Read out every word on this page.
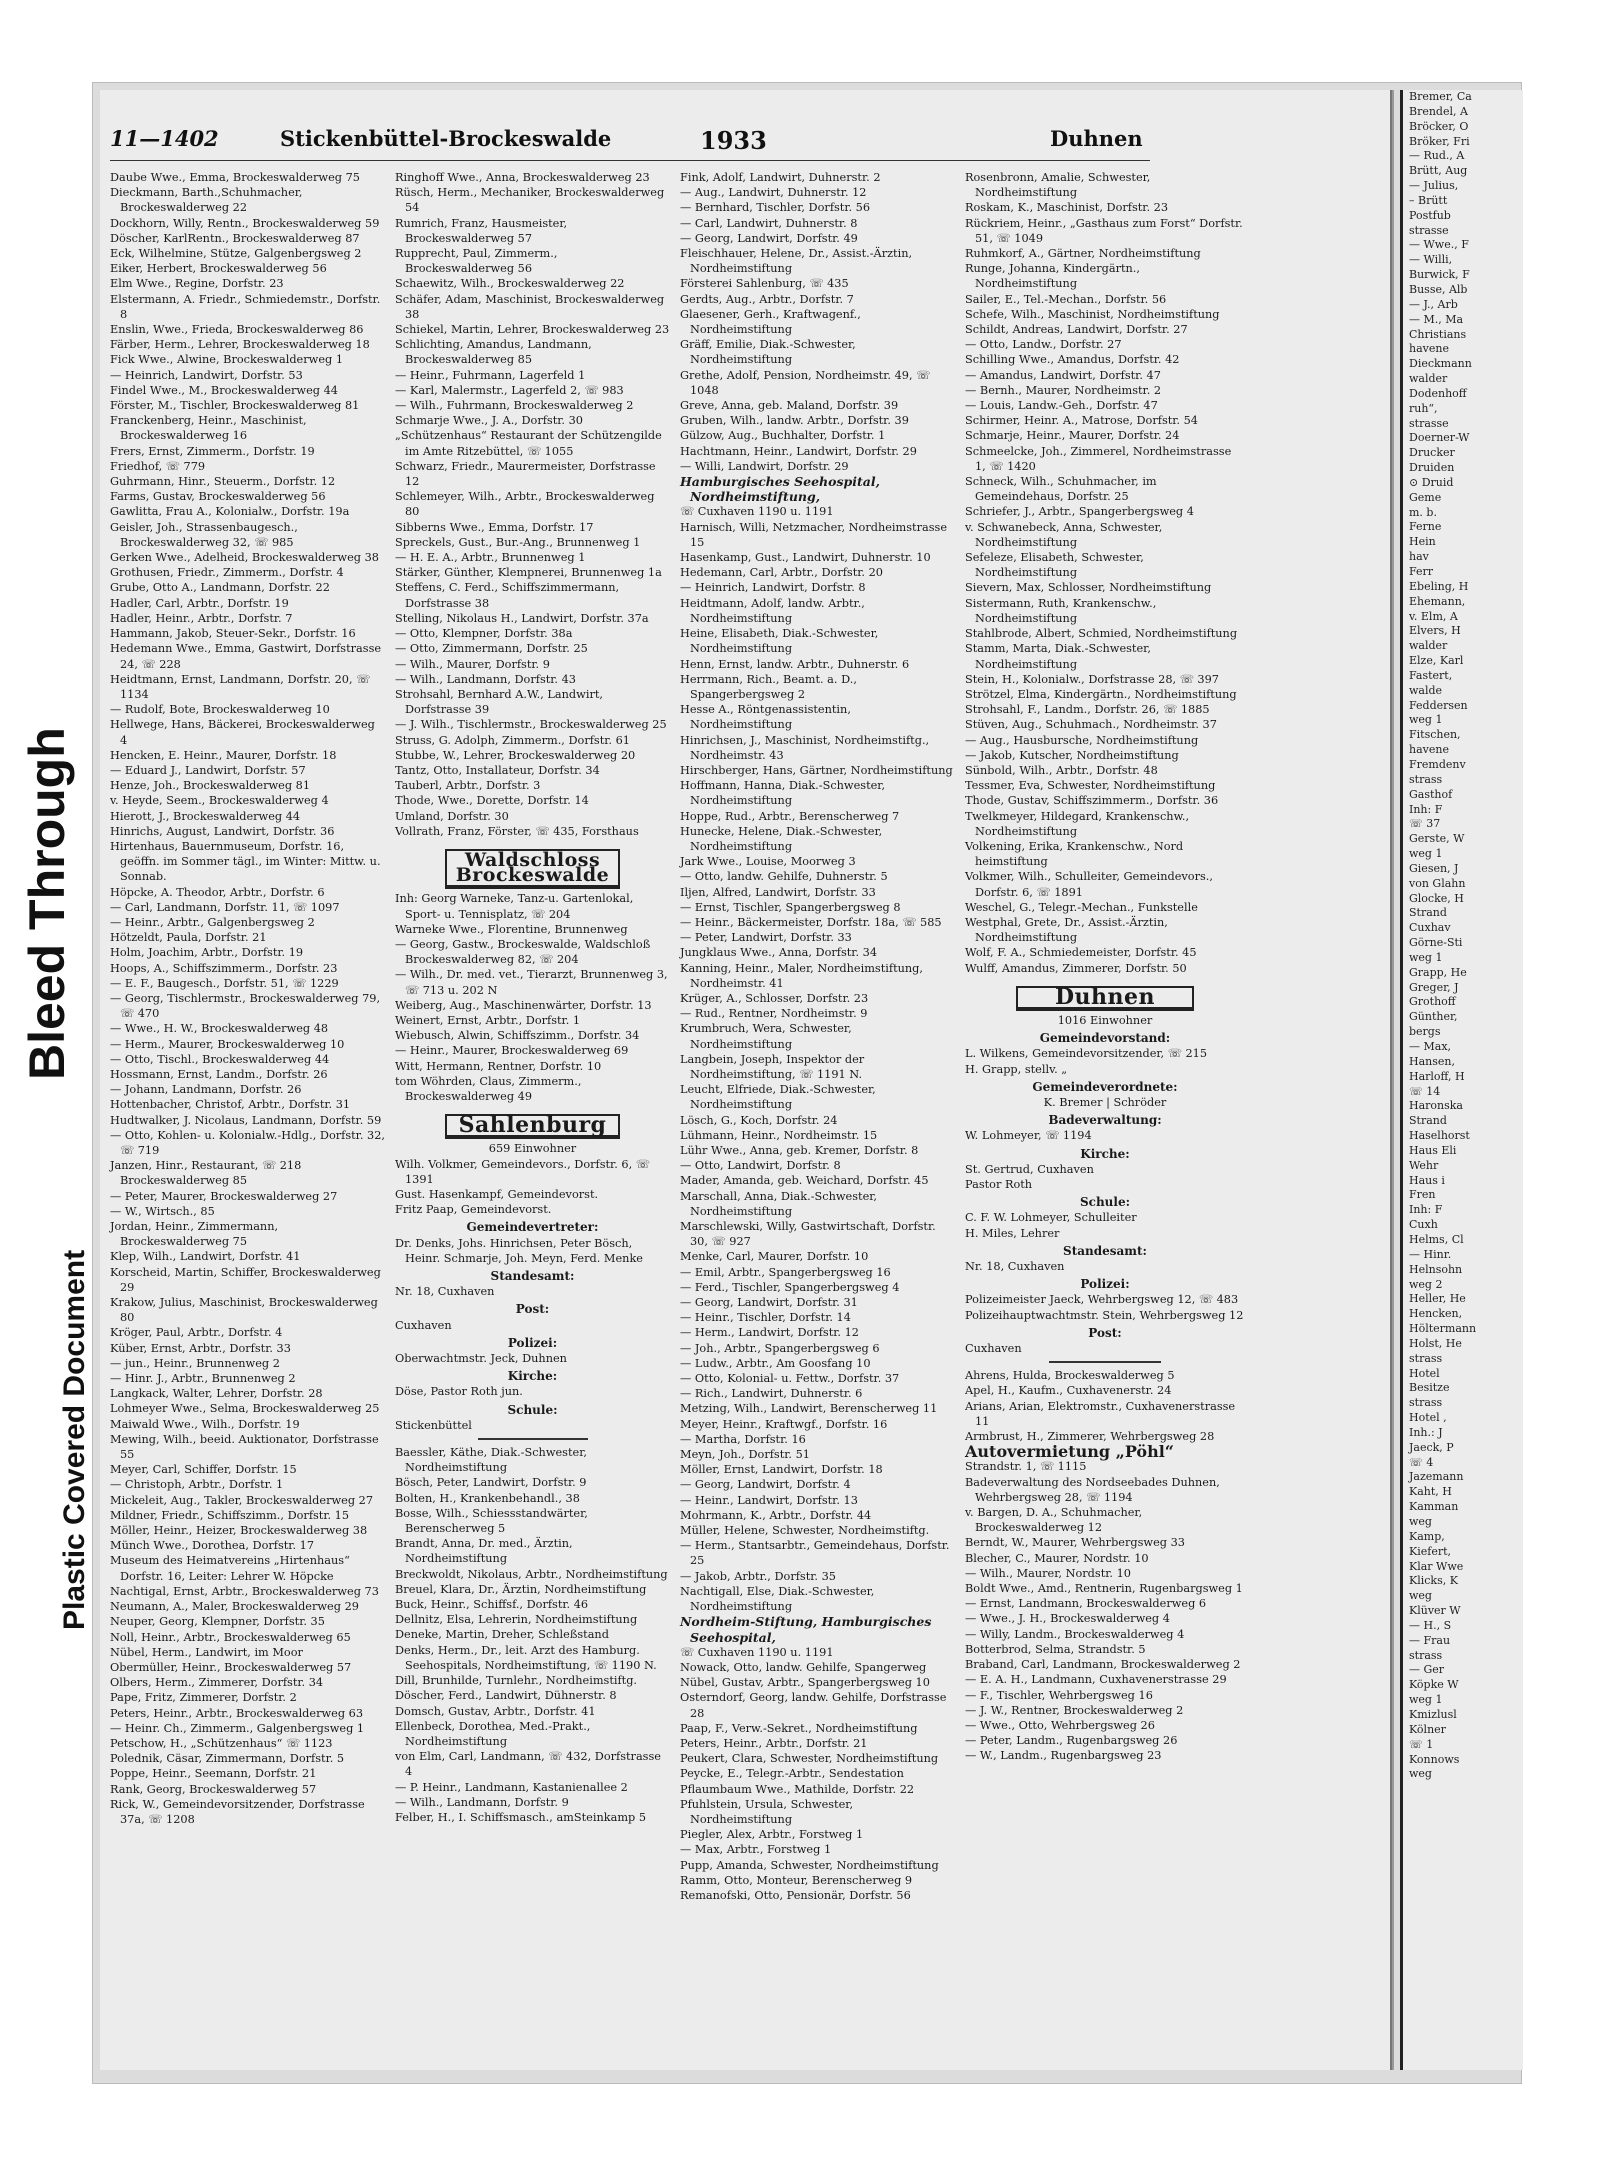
Bleed Through
Plastic Covered Document
Bremer, Ca
Brendel, A
Bröcker, O
Bröker, Fri
— Rud., A
Brütt, Aug
— Julius,
– Brütt
Postfub
strasse
— Wwe., F
— Willi,
Burwick, F
Busse, Alb
— J., Arb
— M., Ma
Christians
havene
Dieckmann
walder
Dodenhoff
ruh“,
strasse
Doerner-W
Drucker
Druiden
⊙ Druid
Geme
m. b.
Ferne
Hein
hav
Ferr
Ebeling, H
Ehemann,
v. Elm, A
Elvers, H
walder
Elze, Karl
Fastert,
walde
Feddersen
weg 1
Fitschen,
havene
Fremdenv
strass
Gasthof
Inh: F
☏ 37
Gerste, W
weg 1
Giesen, J
von Glahn
Glocke, H
Strand
Cuxhav
Görne-Sti
weg 1
Grapp, He
Greger, J
Grothoff
Günther,
bergs
— Max,
Hansen,
Harloff, H
☏ 14
Haronska
Strand
Haselhorst
Haus Eli
Wehr
Haus i
Fren
Inh: F
Cuxh
Helms, Cl
— Hinr.
Helnsohn
weg 2
Heller, He
Hencken,
Höltermann
Holst, He
strass
Hotel
Besitze
strass
Hotel ,
Inh.: J
Jaeck, P
☏ 4
Jazemann
Kaht, H
Kamman
weg
Kamp,
Kiefert,
Klar Wwe
Klicks, K
weg
Klüver W
— H., S
— Frau
strass
— Ger
Köpke W
weg 1
Kmizlusl
Kölner
☏ 1
Konnows
weg
11—1402	Stickenbüttel-Brockeswalde	1933	Duhnen
Daube Wwe., Emma, Brockeswalderweg 75
Dieckmann, Barth.,Schuhmacher, Brockeswalderweg 22
Dockhorn, Willy, Rentn., Brockeswalderweg 59
Döscher, KarlRentn., Brockeswalderweg 87
Eck, Wilhelmine, Stütze, Galgenbergsweg 2
Eiker, Herbert, Brockeswalderweg 56
Elm Wwe., Regine, Dorfstr. 23
Elstermann, A. Friedr., Schmiedemstr., Dorfstr. 8
Enslin, Wwe., Frieda, Brockeswalderweg 86
Färber, Herm., Lehrer, Brockeswalderweg 18
Fick Wwe., Alwine, Brockeswalderweg 1
— Heinrich, Landwirt, Dorfstr. 53
Findel Wwe., M., Brockeswalderweg 44
Förster, M., Tischler, Brockeswalderweg 81
Franckenberg, Heinr., Maschinist, Brockeswalderweg 16
Frers, Ernst, Zimmerm., Dorfstr. 19
Friedhof, ☏ 779
Guhrmann, Hinr., Steuerm., Dorfstr. 12
Farms, Gustav, Brockeswalderweg 56
Gawlitta, Frau A., Kolonialw., Dorfstr. 19a
Geisler, Joh., Strassenbaugesch., Brockeswalderweg 32, ☏ 985
Gerken Wwe., Adelheid, Brockeswalderweg 38
Grothusen, Friedr., Zimmerm., Dorfstr. 4
Grube, Otto A., Landmann, Dorfstr. 22
Hadler, Carl, Arbtr., Dorfstr. 19
Hadler, Heinr., Arbtr., Dorfstr. 7
Hammann, Jakob, Steuer-Sekr., Dorfstr. 16
Hedemann Wwe., Emma, Gastwirt, Dorfstrasse 24, ☏ 228
Heidtmann, Ernst, Landmann, Dorfstr. 20, ☏ 1134
— Rudolf, Bote, Brockeswalderweg 10
Hellwege, Hans, Bäckerei, Brockeswalderweg 4
Hencken, E. Heinr., Maurer, Dorfstr. 18
— Eduard J., Landwirt, Dorfstr. 57
Henze, Joh., Brockeswalderweg 81
v. Heyde, Seem., Brockeswalderweg 4
Hierott, J., Brockeswalderweg 44
Hinrichs, August, Landwirt, Dorfstr. 36
Hirtenhaus, Bauernmuseum, Dorfstr. 16, geöffn. im Sommer tägl., im Winter: Mittw. u. Sonnab.
Höpcke, A. Theodor, Arbtr., Dorfstr. 6
— Carl, Landmann, Dorfstr. 11, ☏ 1097
— Heinr., Arbtr., Galgenbergsweg 2
Hötzeldt, Paula, Dorfstr. 21
Holm, Joachim, Arbtr., Dorfstr. 19
Hoops, A., Schiffszimmerm., Dorfstr. 23
— E. F., Baugesch., Dorfstr. 51, ☏ 1229
— Georg, Tischlermstr., Brockeswalderweg 79, ☏ 470
— Wwe., H. W., Brockeswalderweg 48
— Herm., Maurer, Brockeswalderweg 10
— Otto, Tischl., Brockeswalderweg 44
Hossmann, Ernst, Landm., Dorfstr. 26
— Johann, Landmann, Dorfstr. 26
Hottenbacher, Christof, Arbtr., Dorfstr. 31
Hudtwalker, J. Nicolaus, Landmann, Dorfstr. 59
— Otto, Kohlen- u. Kolonialw.-Hdlg., Dorfstr. 32, ☏ 719
Janzen, Hinr., Restaurant, ☏ 218 Brockeswalderweg 85
— Peter, Maurer, Brockeswalderweg 27
— W., Wirtsch., 85
Jordan, Heinr., Zimmermann, Brockeswalderweg 75
Klep, Wilh., Landwirt, Dorfstr. 41
Korscheid, Martin, Schiffer, Brockeswalderweg 29
Krakow, Julius, Maschinist, Brockeswalderweg 80
Kröger, Paul, Arbtr., Dorfstr. 4
Küber, Ernst, Arbtr., Dorfstr. 33
— jun., Heinr., Brunnenweg 2
— Hinr. J., Arbtr., Brunnenweg 2
Langkack, Walter, Lehrer, Dorfstr. 28
Lohmeyer Wwe., Selma, Brockeswalderweg 25
Maiwald Wwe., Wilh., Dorfstr. 19
Mewing, Wilh., beeid. Auktionator, Dorfstrasse 55
Meyer, Carl, Schiffer, Dorfstr. 15
— Christoph, Arbtr., Dorfstr. 1
Mickeleit, Aug., Takler, Brockeswalderweg 27
Mildner, Friedr., Schiffszimm., Dorfstr. 15
Möller, Heinr., Heizer, Brockeswalderweg 38
Münch Wwe., Dorothea, Dorfstr. 17
Museum des Heimatvereins „Hirtenhaus“ Dorfstr. 16, Leiter: Lehrer W. Höpcke
Nachtigal, Ernst, Arbtr., Brockeswalderweg 73
Neumann, A., Maler, Brockeswalderweg 29
Neuper, Georg, Klempner, Dorfstr. 35
Noll, Heinr., Arbtr., Brockeswalderweg 65
Nübel, Herm., Landwirt, im Moor
Obermüller, Heinr., Brockeswalderweg 57
Olbers, Herm., Zimmerer, Dorfstr. 34
Pape, Fritz, Zimmerer, Dorfstr. 2
Peters, Heinr., Arbtr., Brockeswalderweg 63
— Heinr. Ch., Zimmerm., Galgenbergsweg 1
Petschow, H., „Schützenhaus“ ☏ 1123
Polednik, Cäsar, Zimmermann, Dorfstr. 5
Poppe, Heinr., Seemann, Dorfstr. 21
Rank, Georg, Brockeswalderweg 57
Rick, W., Gemeindevorsitzender, Dorfstrasse 37a, ☏ 1208
Ringhoff Wwe., Anna, Brockeswalderweg 23
Rüsch, Herm., Mechaniker, Brockeswalderweg 54
Rumrich, Franz, Hausmeister, Brockeswalderweg 57
Rupprecht, Paul, Zimmerm., Brockeswalderweg 56
Schaewitz, Wilh., Brockeswalderweg 22
Schäfer, Adam, Maschinist, Brockeswalderweg 38
Schiekel, Martin, Lehrer, Brockeswalderweg 23
Schlichting, Amandus, Landmann, Brockeswalderweg 85
— Heinr., Fuhrmann, Lagerfeld 1
— Karl, Malermstr., Lagerfeld 2, ☏ 983
— Wilh., Fuhrmann, Brockeswalderweg 2
Schmarje Wwe., J. A., Dorfstr. 30
„Schützenhaus“ Restaurant der Schützengilde im Amte Ritzebüttel, ☏ 1055
Schwarz, Friedr., Maurermeister, Dorfstrasse 12
Schlemeyer, Wilh., Arbtr., Brockeswalderweg 80
Sibberns Wwe., Emma, Dorfstr. 17
Spreckels, Gust., Bur.-Ang., Brunnenweg 1
— H. E. A., Arbtr., Brunnenweg 1
Stärker, Günther, Klempnerei, Brunnenweg 1a
Steffens, C. Ferd., Schiffszimmermann, Dorfstrasse 38
Stelling, Nikolaus H., Landwirt, Dorfstr. 37a
— Otto, Klempner, Dorfstr. 38a
— Otto, Zimmermann, Dorfstr. 25
— Wilh., Maurer, Dorfstr. 9
— Wilh., Landmann, Dorfstr. 43
Strohsahl, Bernhard A.W., Landwirt, Dorfstrasse 39
— J. Wilh., Tischlermstr., Brockeswalderweg 25
Struss, G. Adolph, Zimmerm., Dorfstr. 61
Stubbe, W., Lehrer, Brockeswalderweg 20
Tantz, Otto, Installateur, Dorfstr. 34
Tauberl, Arbtr., Dorfstr. 3
Thode, Wwe., Dorette, Dorfstr. 14
Umland, Dorfstr. 30
Vollrath, Franz, Förster, ☏ 435, Forsthaus
Waldschloss Brockeswalde
Inh: Georg Warneke, Tanz-u. Gartenlokal, Sport- u. Tennisplatz, ☏ 204
Warneke Wwe., Florentine, Brunnenweg
— Georg, Gastw., Brockeswalde, Waldschloß Brockeswalderweg 82, ☏ 204
— Wilh., Dr. med. vet., Tierarzt, Brunnenweg 3, ☏ 713 u. 202 N
Weiberg, Aug., Maschinenwärter, Dorfstr. 13
Weinert, Ernst, Arbtr., Dorfstr. 1
Wiebusch, Alwin, Schiffszimm., Dorfstr. 34
— Heinr., Maurer, Brockeswalderweg 69
Witt, Hermann, Rentner, Dorfstr. 10
tom Wöhrden, Claus, Zimmerm., Brockeswalderweg 49
Sahlenburg
659 Einwohner
Wilh. Volkmer, Gemeindevors., Dorfstr. 6, ☏ 1391
Gust. Hasenkampf, Gemeindevorst.
Fritz Paap, Gemeindevorst.
Gemeindevertreter:
Dr. Denks, Johs. Hinrichsen, Peter Bösch, Heinr. Schmarje, Joh. Meyn, Ferd. Menke
Standesamt:
Nr. 18, Cuxhaven
Post:
Cuxhaven
Polizei:
Oberwachtmstr. Jeck, Duhnen
Kirche:
Döse, Pastor Roth jun.
Schule:
Stickenbüttel
Baessler, Käthe, Diak.-Schwester, Nordheimstiftung
Bösch, Peter, Landwirt, Dorfstr. 9
Bolten, H., Krankenbehandl., 38
Bosse, Wilh., Schiessstandwärter, Berenscherweg 5
Brandt, Anna, Dr. med., Ärztin, Nordheimstiftung
Breckwoldt, Nikolaus, Arbtr., Nordheimstiftung
Breuel, Klara, Dr., Ärztin, Nordheimstiftung
Buck, Heinr., Schiffsf., Dorfstr. 46
Dellnitz, Elsa, Lehrerin, Nordheimstiftung
Deneke, Martin, Dreher, Schleßstand
Denks, Herm., Dr., leit. Arzt des Hamburg. Seehospitals, Nordheimstiftung, ☏ 1190 N.
Dill, Brunhilde, Turnlehr., Nordheimstiftg.
Döscher, Ferd., Landwirt, Dühnerstr. 8
Domsch, Gustav, Arbtr., Dorfstr. 41
Ellenbeck, Dorothea, Med.-Prakt., Nordheimstiftung
von Elm, Carl, Landmann, ☏ 432, Dorfstrasse 4
— P. Heinr., Landmann, Kastanienallee 2
— Wilh., Landmann, Dorfstr. 9
Felber, H., I. Schiffsmasch., amSteinkamp 5
Fink, Adolf, Landwirt, Duhnerstr. 2
— Aug., Landwirt, Duhnerstr. 12
— Bernhard, Tischler, Dorfstr. 56
— Carl, Landwirt, Duhnerstr. 8
— Georg, Landwirt, Dorfstr. 49
Fleischhauer, Helene, Dr., Assist.-Ärztin, Nordheimstiftung
Försterei Sahlenburg, ☏ 435
Gerdts, Aug., Arbtr., Dorfstr. 7
Glaesener, Gerh., Kraftwagenf., Nordheimstiftung
Gräff, Emilie, Diak.-Schwester, Nordheimstiftung
Grethe, Adolf, Pension, Nordheimstr. 49, ☏ 1048
Greve, Anna, geb. Maland, Dorfstr. 39
Gruben, Wilh., landw. Arbtr., Dorfstr. 39
Gülzow, Aug., Buchhalter, Dorfstr. 1
Hachtmann, Heinr., Landwirt, Dorfstr. 29
— Willi, Landwirt, Dorfstr. 29
Hamburgisches Seehospital, Nordheimstiftung,
☏ Cuxhaven 1190 u. 1191
Harnisch, Willi, Netzmacher, Nordheimstrasse 15
Hasenkamp, Gust., Landwirt, Duhnerstr. 10
Hedemann, Carl, Arbtr., Dorfstr. 20
— Heinrich, Landwirt, Dorfstr. 8
Heidtmann, Adolf, landw. Arbtr., Nordheimstiftung
Heine, Elisabeth, Diak.-Schwester, Nordheimstiftung
Henn, Ernst, landw. Arbtr., Duhnerstr. 6
Herrmann, Rich., Beamt. a. D., Spangerbergsweg 2
Hesse A., Röntgenassistentin, Nordheimstiftung
Hinrichsen, J., Maschinist, Nordheimstiftg., Nordheimstr. 43
Hirschberger, Hans, Gärtner, Nordheimstiftung
Hoffmann, Hanna, Diak.-Schwester, Nordheimstiftung
Hoppe, Rud., Arbtr., Berenscherweg 7
Hunecke, Helene, Diak.-Schwester, Nordheimstiftung
Jark Wwe., Louise, Moorweg 3
— Otto, landw. Gehilfe, Duhnerstr. 5
Iljen, Alfred, Landwirt, Dorfstr. 33
— Ernst, Tischler, Spangerbergsweg 8
— Heinr., Bäckermeister, Dorfstr. 18a, ☏ 585
— Peter, Landwirt, Dorfstr. 33
Jungklaus Wwe., Anna, Dorfstr. 34
Kanning, Heinr., Maler, Nordheimstiftung, Nordheimstr. 41
Krüger, A., Schlosser, Dorfstr. 23
— Rud., Rentner, Nordheimstr. 9
Krumbruch, Wera, Schwester, Nordheimstiftung
Langbein, Joseph, Inspektor der Nordheimstiftung, ☏ 1191 N.
Leucht, Elfriede, Diak.-Schwester, Nordheimstiftung
Lösch, G., Koch, Dorfstr. 24
Lühmann, Heinr., Nordheimstr. 15
Lühr Wwe., Anna, geb. Kremer, Dorfstr. 8
— Otto, Landwirt, Dorfstr. 8
Mader, Amanda, geb. Weichard, Dorfstr. 45
Marschall, Anna, Diak.-Schwester, Nordheimstiftung
Marschlewski, Willy, Gastwirtschaft, Dorfstr. 30, ☏ 927
Menke, Carl, Maurer, Dorfstr. 10
— Emil, Arbtr., Spangerbergsweg 16
— Ferd., Tischler, Spangerbergsweg 4
— Georg, Landwirt, Dorfstr. 31
— Heinr., Tischler, Dorfstr. 14
— Herm., Landwirt, Dorfstr. 12
— Joh., Arbtr., Spangerbergsweg 6
— Ludw., Arbtr., Am Goosfang 10
— Otto, Kolonial- u. Fettw., Dorfstr. 37
— Rich., Landwirt, Duhnerstr. 6
Metzing, Wilh., Landwirt, Berenscherweg 11
Meyer, Heinr., Kraftwgf., Dorfstr. 16
— Martha, Dorfstr. 16
Meyn, Joh., Dorfstr. 51
Möller, Ernst, Landwirt, Dorfstr. 18
— Georg, Landwirt, Dorfstr. 4
— Heinr., Landwirt, Dorfstr. 13
Mohrmann, K., Arbtr., Dorfstr. 44
Müller, Helene, Schwester, Nordheimstiftg.
— Herm., Stantsarbtr., Gemeindehaus, Dorfstr. 25
— Jakob, Arbtr., Dorfstr. 35
Nachtigall, Else, Diak.-Schwester, Nordheimstiftung
Nordheim-Stiftung, Hamburgisches Seehospital,
☏ Cuxhaven 1190 u. 1191
Nowack, Otto, landw. Gehilfe, Spangerweg
Nübel, Gustav, Arbtr., Spangerbergsweg 10
Osterndorf, Georg, landw. Gehilfe, Dorfstrasse 28
Paap, F., Verw.-Sekret., Nordheimstiftung
Peters, Heinr., Arbtr., Dorfstr. 21
Peukert, Clara, Schwester, Nordheimstiftung
Peycke, E., Telegr.-Arbtr., Sendestation
Pflaumbaum Wwe., Mathilde, Dorfstr. 22
Pfuhlstein, Ursula, Schwester, Nordheimstiftung
Piegler, Alex, Arbtr., Forstweg 1
— Max, Arbtr., Forstweg 1
Pupp, Amanda, Schwester, Nordheimstiftung
Ramm, Otto, Monteur, Berenscherweg 9
Remanofski, Otto, Pensionär, Dorfstr. 56
Rosenbronn, Amalie, Schwester, Nordheimstiftung
Roskam, K., Maschinist, Dorfstr. 23
Rückriem, Heinr., „Gasthaus zum Forst“ Dorfstr. 51, ☏ 1049
Ruhmkorf, A., Gärtner, Nordheimstiftung
Runge, Johanna, Kindergärtn., Nordheimstiftung
Sailer, E., Tel.-Mechan., Dorfstr. 56
Schefe, Wilh., Maschinist, Nordheimstiftung
Schildt, Andreas, Landwirt, Dorfstr. 27
— Otto, Landw., Dorfstr. 27
Schilling Wwe., Amandus, Dorfstr. 42
— Amandus, Landwirt, Dorfstr. 47
— Bernh., Maurer, Nordheimstr. 2
— Louis, Landw.-Geh., Dorfstr. 47
Schirmer, Heinr. A., Matrose, Dorfstr. 54
Schmarje, Heinr., Maurer, Dorfstr. 24
Schmeelcke, Joh., Zimmerel, Nordheimstrasse 1, ☏ 1420
Schneck, Wilh., Schuhmacher, im Gemeindehaus, Dorfstr. 25
Schriefer, J., Arbtr., Spangerbergsweg 4
v. Schwanebeck, Anna, Schwester, Nordheimstiftung
Sefeleze, Elisabeth, Schwester, Nordheimstiftung
Sievern, Max, Schlosser, Nordheimstiftung
Sistermann, Ruth, Krankenschw., Nordheimstiftung
Stahlbrode, Albert, Schmied, Nordheimstiftung
Stamm, Marta, Diak.-Schwester, Nordheimstiftung
Stein, H., Kolonialw., Dorfstrasse 28, ☏ 397
Strötzel, Elma, Kindergärtn., Nordheimstiftung
Strohsahl, F., Landm., Dorfstr. 26, ☏ 1885
Stüven, Aug., Schuhmach., Nordheimstr. 37
— Aug., Hausbursche, Nordheimstiftung
— Jakob, Kutscher, Nordheimstiftung
Sünbold, Wilh., Arbtr., Dorfstr. 48
Tessmer, Eva, Schwester, Nordheimstiftung
Thode, Gustav, Schiffszimmerm., Dorfstr. 36
Twelkmeyer, Hildegard, Krankenschw., Nordheimstiftung
Volkening, Erika, Krankenschw., Nord heimstiftung
Volkmer, Wilh., Schulleiter, Gemeindevors., Dorfstr. 6, ☏ 1891
Weschel, G., Telegr.-Mechan., Funkstelle
Westphal, Grete, Dr., Assist.-Ärztin, Nordheimstiftung
Wolf, F. A., Schmiedemeister, Dorfstr. 45
Wulff, Amandus, Zimmerer, Dorfstr. 50
Duhnen
1016 Einwohner
Gemeindevorstand:
L. Wilkens, Gemeindevorsitzender, ☏ 215
H. Grapp, stellv. „
Gemeindeverordnete:
K. Bremer | Schröder
Badeverwaltung:
W. Lohmeyer, ☏ 1194
Kirche:
St. Gertrud, Cuxhaven
Pastor Roth
Schule:
C. F. W. Lohmeyer, Schulleiter
H. Miles, Lehrer
Standesamt:
Nr. 18, Cuxhaven
Polizei:
Polizeimeister Jaeck, Wehrbergsweg 12, ☏ 483
Polizeihauptwachtmstr. Stein, Wehrbergsweg 12
Post:
Cuxhaven
Ahrens, Hulda, Brockeswalderweg 5
Apel, H., Kaufm., Cuxhavenerstr. 24
Arians, Arian, Elektromstr., Cuxhavenerstrasse 11
Armbrust, H., Zimmerer, Wehrbergsweg 28
Autovermietung „Pöhl“
Strandstr. 1, ☏ 1115
Badeverwaltung des Nordseebades Duhnen, Wehrbergsweg 28, ☏ 1194
v. Bargen, D. A., Schuhmacher, Brockeswalderweg 12
Berndt, W., Maurer, Wehrbergsweg 33
Blecher, C., Maurer, Nordstr. 10
— Wilh., Maurer, Nordstr. 10
Boldt Wwe., Amd., Rentnerin, Rugenbargsweg 1
— Ernst, Landmann, Brockeswalderweg 6
— Wwe., J. H., Brockeswalderweg 4
— Willy, Landm., Brockeswalderweg 4
Botterbrod, Selma, Strandstr. 5
Braband, Carl, Landmann, Brockeswalderweg 2
— E. A. H., Landmann, Cuxhavenerstrasse 29
— F., Tischler, Wehrbergsweg 16
— J. W., Rentner, Brockeswalderweg 2
— Wwe., Otto, Wehrbergsweg 26
— Peter, Landm., Rugenbargsweg 26
— W., Landm., Rugenbargsweg 23
